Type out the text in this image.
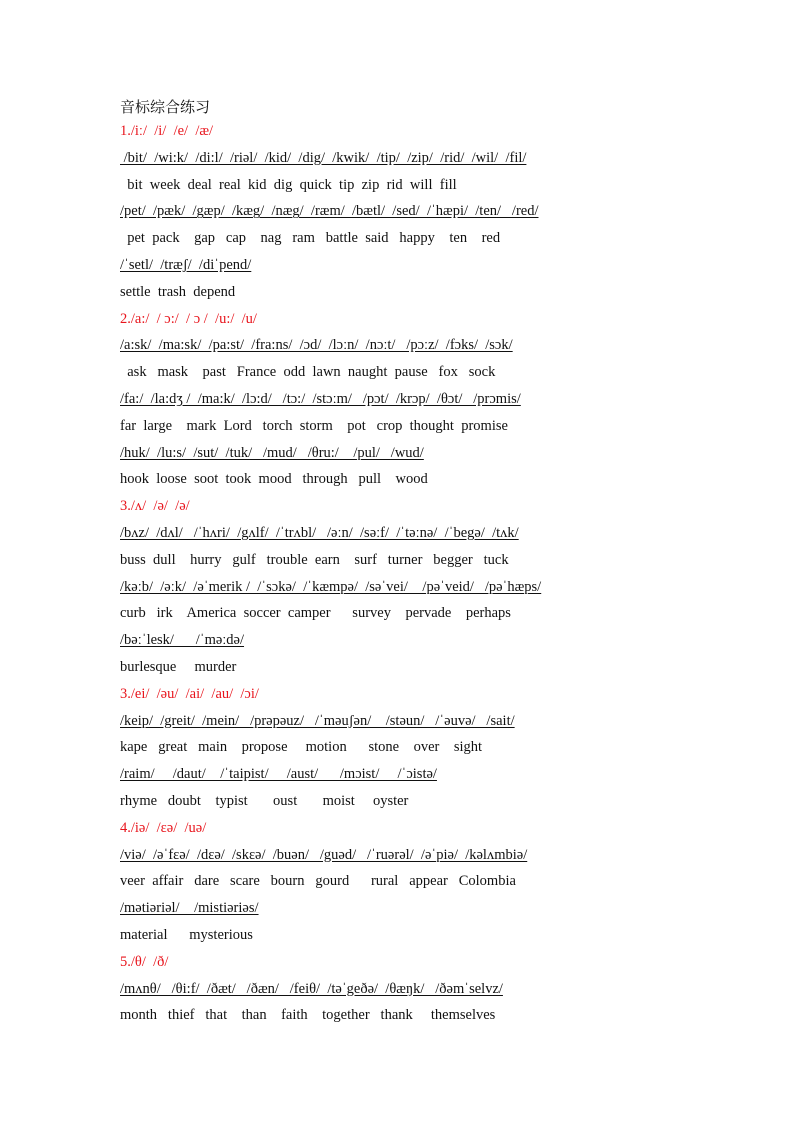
音标综合练习
1./iː/  /i/  /e/  /æ/
/bit/  /wi:k/  /di:l/  /riəl/  /kid/  /dig/  /kwik/  /tip/  /zip/  /rid/  /wil/  /fil/
bit  week  deal  real  kid  dig  quick  tip  zip  rid  will  fill
/pet/  /pæk/  /gæp/  /kæg/  /næg/  /ræm/  /bætl/  /sed/  /ˈhæpi/  /ten/   /red/
pet  pack    gap   cap    nag   ram   battle  said   happy    ten    red
/ˈsetl/  /træʃ/  /diˈpend/
settle  trash  depend
2./a:/  / ɔ:/  / ɔ /  /u:/  /u/
/a:sk/  /ma:sk/  /pa:st/  /fra:ns/  /ɔd/  /lɔːn/  /nɔːt/   /pɔːz/  /fɔks/  /sɔk/
ask   mask    past   France  odd  lawn  naught  pause   fox   sock
/fa:/  /la:dʒ /  /ma:k/  /lɔ:d/   /tɔ:/  /stɔːm/   /pɔt/  /krɔp/  /θɔt/   /prɔmis/
far  large    mark  Lord   torch  storm    pot   crop  thought  promise
/huk/  /lu:s/  /sut/  /tuk/   /mud/   /θru:/    /pul/   /wud/
hook  loose  soot  took  mood   through   pull    wood
3./ʌ/  /ə/  /ə/
/bʌz/  /dʌl/   /ˈhʌri/  /gʌlf/  /ˈtrʌbl/   /əːn/  /səːf/  /ˈtəːnə/  /ˈbegə/  /tʌk/
buss  dull    hurry   gulf   trouble  earn    surf   turner   begger   tuck
/kəːb/  /əːk/  /əˈmerik /  /ˈsɔkə/  /ˈkæmpə/  /səˈvei/    /pəˈveid/   /pəˈhæps/
curb   irk    America  soccer  camper      survey    pervade    perhaps
/bəːˈlesk/      /ˈməːdə/
burlesque     murder
3./ei/  /əu/  /ai/  /au/  /ɔi/
/keip/  /greit/  /mein/   /prəpəuz/   /ˈməuʃən/    /stəun/   /ˈəuvə/   /sait/
kape   great   main    propose     motion      stone    over    sight
/raim/     /daut/    /ˈtaipist/     /aust/      /mɔist/     /ˈɔistə/
rhyme   doubt    typist       oust       moist     oyster
4./iə/  /ɛə/  /uə/
/viə/  /əˈfɛə/  /dɛə/  /skɛə/  /buən/   /guəd/   /ˈruərəl/  /əˈpiə/  /kəlʌmbiə/
veer  affair   dare   scare   bourn   gourd      rural   appear   Colombia
/mətiəriəl/    /mistiəriəs/
material      mysterious
5./θ/  /ð/
/mʌnθ/   /θi:f/  /ðæt/   /ðæn/   /feiθ/  /təˈgeðə/  /θæŋk/   /ðəmˈselvz/
month   thief   that    than    faith    together   thank     themselves
